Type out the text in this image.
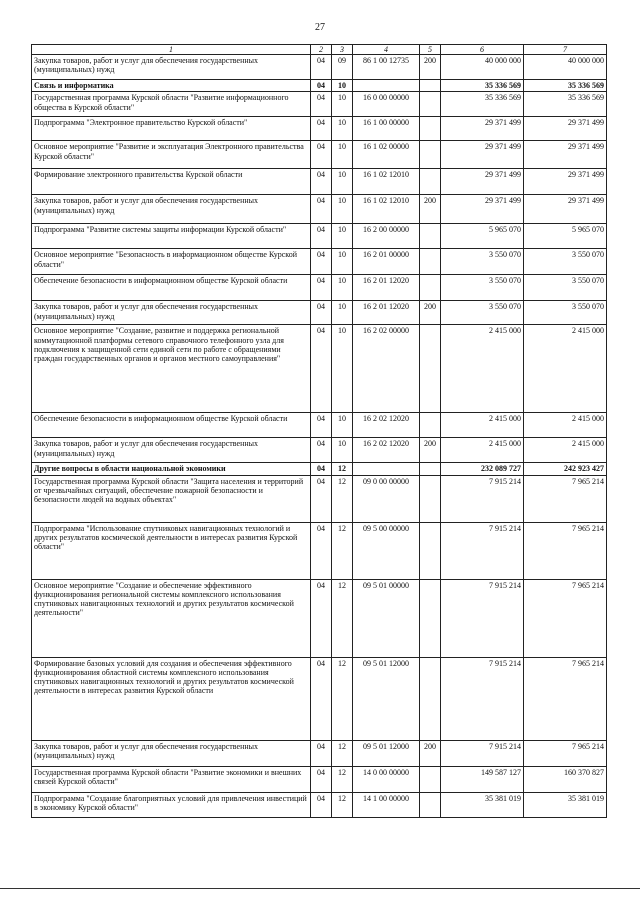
27
1	2	3	4	5	6	7
Закупка товаров, работ и услуг для обеспечения государственных (муниципальных) нужд	04	09	86 1 00 12735	200	40 000 000	40 000 000
Связь и информатика	04	10			35 336 569	35 336 569
Государственная программа Курской области "Развитие информационного общества в Курской области"	04	10	16 0 00 00000		35 336 569	35 336 569
Подпрограмма "Электронное правительство Курской области"	04	10	16 1 00 00000		29 371 499	29 371 499
Основное мероприятие "Развитие и эксплуатация Электронного правительства Курской области"	04	10	16 1 02 00000		29 371 499	29 371 499
Формирование электронного правительства Курской области	04	10	16 1 02 12010		29 371 499	29 371 499
Закупка товаров, работ и услуг для обеспечения государственных (муниципальных) нужд	04	10	16 1 02 12010	200	29 371 499	29 371 499
Подпрограмма "Развитие системы защиты информации Курской области"	04	10	16 2 00 00000		5 965 070	5 965 070
Основное мероприятие "Безопасность в информационном обществе Курской области"	04	10	16 2 01 00000		3 550 070	3 550 070
Обеспечение безопасности в информационном обществе Курской области	04	10	16 2 01 12020		3 550 070	3 550 070
Закупка товаров, работ и услуг для обеспечения государственных (муниципальных) нужд	04	10	16 2 01 12020	200	3 550 070	3 550 070
Основное мероприятие "Создание, развитие и поддержка региональной коммутационной платформы сетевого справочного телефонного узла для подключения к защищенной сети единой сети по работе с обращениями граждан государственных органов и органов местного самоуправления"	04	10	16 2 02 00000		2 415 000	2 415 000
Обеспечение безопасности в информационном обществе Курской области	04	10	16 2 02 12020		2 415 000	2 415 000
Закупка товаров, работ и услуг для обеспечения государственных (муниципальных) нужд	04	10	16 2 02 12020	200	2 415 000	2 415 000
Другие вопросы в области национальной экономики	04	12			232 089 727	242 923 427
Государственная программа Курской области "Защита населения и территорий от чрезвычайных ситуаций, обеспечение пожарной безопасности и безопасности людей на водных объектах"	04	12	09 0 00 00000		7 915 214	7 965 214
Подпрограмма "Использование спутниковых навигационных технологий и других результатов космической деятельности в интересах развития Курской области"	04	12	09 5 00 00000		7 915 214	7 965 214
Основное мероприятие "Создание и обеспечение эффективного функционирования региональной системы комплексного использования спутниковых навигационных технологий и других результатов космической деятельности"	04	12	09 5 01 00000		7 915 214	7 965 214
Формирование базовых условий для создания и обеспечения эффективного функционирования областной системы комплексного использования спутниковых навигационных технологий и других результатов космической деятельности в интересах развития Курской области	04	12	09 5 01 12000		7 915 214	7 965 214
Закупка товаров, работ и услуг для обеспечения государственных (муниципальных) нужд	04	12	09 5 01 12000	200	7 915 214	7 965 214
Государственная программа Курской области "Развитие экономики и внешних связей Курской области"	04	12	14 0 00 00000		149 587 127	160 370 827
Подпрограмма "Создание благоприятных условий для привлечения инвестиций в экономику Курской области"	04	12	14 1 00 00000		35 381 019	35 381 019
